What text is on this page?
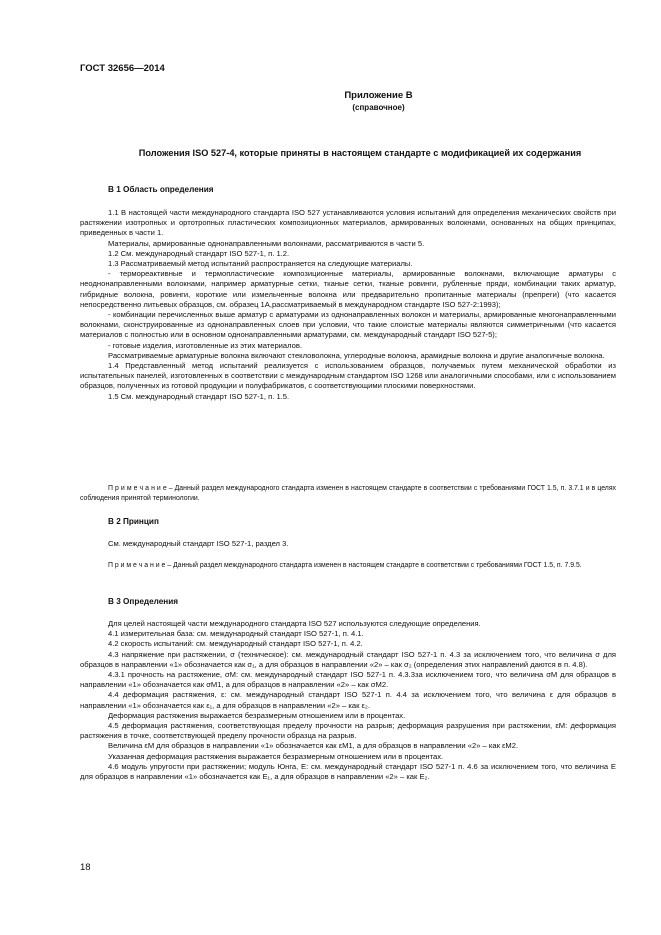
ГОСТ 32656—2014
Приложение В
(справочное)
Положения ISO 527-4, которые приняты в настоящем стандарте с модификацией их содержания
В 1 Область определения

1.1 В настоящей части международного стандарта ISO 527 устанавливаются условия испытаний для определения механических свойств при растяжении изотропных и ортотропных пластических композиционных материалов, армированных волокнами, основанных на общих принципах, приведенных в части 1.

Материалы, армированные однонаправленными волокнами, рассматриваются в части 5.

1.2 См. международный стандарт ISO 527-1, п. 1.2.

1.3 Рассматриваемый метод испытаний распространяется на следующие материалы.

- термореактивные и термопластические композиционные материалы, армированные волокнами, включающие арматуры с неоднонаправленными волокнами, например арматурные сетки, тканые сетки, тканые ровинги, рубленные пряди, комбинации таких арматур, гибридные волокна, ровинги, короткие или измельченные волокна или предварительно пропитанные материалы (препреги) (что касается непосредственно литьевых образцов, см. образец 1А,рассматриваемый в международном стандарте ISO 527-2:1993);

- комбинации перечисленных выше арматур с арматурами из однонаправленных волокон и материалы, армированные многонаправленными волокнами, сконструированные из однонаправленных слоев при условии, что такие слоистые материалы являются симметричными (что касается материалов с полностью или в основном однонаправленными арматурами, см. международный стандарт ISO 527-5);

- готовые изделия, изготовленные из этих материалов.

Рассматриваемые арматурные волокна включают стекловолокна, углеродные волокна, арамидные волокна и другие аналогичные волокна.

1.4 Представленный метод испытаний реализуется с использованием образцов, получаемых путем механической обработки из испытательных панелей, изготовленных в соответствии с международным стандартом ISO 1268 или аналогичными способами, или с использованием образцов, полученных из готовой продукции и полуфабрикатов, с соответствующими плоскими поверхностями.

1.5 См. международный стандарт ISO 527-1, п. 1.5.

П р и м е ч а н и е – Данный раздел международного стандарта изменен в настоящем стандарте в соответствии с требованиями ГОСТ 1.5, п. 3.7.1 и в целях соблюдения принятой терминологии.

В 2 Принцип

См. международный стандарт ISO 527-1, раздел 3.

П р и м е ч а н и е – Данный раздел международного стандарта изменен в настоящем стандарте в соответствии с требованиями ГОСТ 1.5, п. 7.9.5.

В 3 Определения

Для целей настоящей части международного стандарта ISO 527 используются следующие определения.

4.1 измерительная база: см. международный стандарт ISO 527-1, п. 4.1.

4.2 скорость испытаний: см. международный стандарт ISO 527-1, п. 4.2.

4.3 напряжение при растяжении, σ (техническое): см. международный стандарт ISO 527-1 п. 4.3 за исключением того, что величина σ для образцов в направлении «1» обозначается как σ₁, а для образцов в направлении «2» – как σ₂ (определения этих направлений даются в п. 4.8).

4.3.1 прочность на растяжение, σM: см. международный стандарт ISO 527-1 п. 4.3.3за исключением того, что величина σM для образцов в направлении «1» обозначается как σM1, а для образцов в направлении «2» – как σM2.

4.4 деформация растяжения, ε: см. международный стандарт ISO 527-1 п. 4.4 за исключением того, что величина ε для образцов в направлении «1» обозначается как ε₁, а для образцов в направлении «2» – как ε₂.

Деформация растяжения выражается безразмерным отношением или в процентах.

4.5 деформация растяжения, соответствующая пределу прочности на разрыв; деформация разрушения при растяжении, εM: деформация растяжения в точке, соответствующей пределу прочности образца на разрыв.

Величина εM для образцов в направлении «1» обозначается как εM1, а для образцов в направлении «2» – как εM2.

Указанная деформация растяжения выражается безразмерным отношением или в процентах.

4.6 модуль упругости при растяжении; модуль Юнга, E: см. международный стандарт ISO 527-1 п. 4.6 за исключением того, что величина E для образцов в направлении «1» обозначается как E₁, а для образцов в направлении «2» – как E₂.

18
